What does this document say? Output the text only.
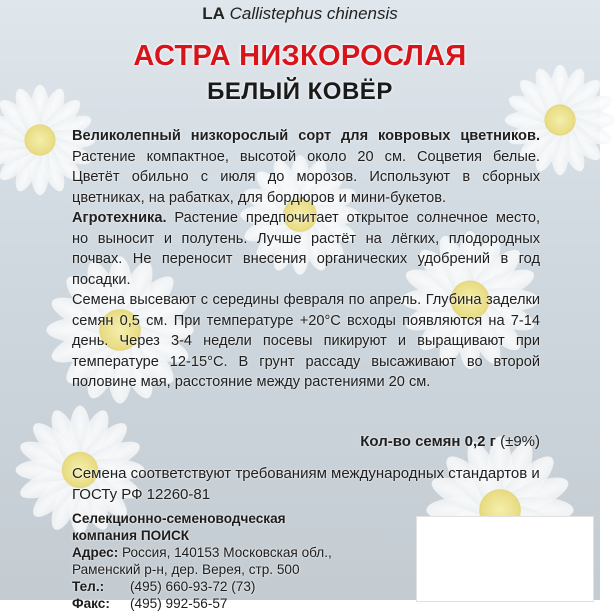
LA Callistephus chinensis
АСТРА НИЗКОРОСЛАЯ
БЕЛЫЙ КОВЁР

Великолепный низкорослый сорт для ковровых цветников. Растение компактное, высотой около 20 см. Соцветия белые. Цветёт обильно с июля до морозов. Используют в сборных цветниках, на рабатках, для бордюров и мини-букетов.

Агротехника. Растение предпочитает открытое солнечное место, но выносит и полутень. Лучше растёт на лёгких, плодородных почвах. Не переносит внесения органических удобрений в год посадки.

Семена высевают с середины февраля по апрель. Глубина заделки семян 0,5 см. При температуре +20°С всходы появляются на 7-14 день. Через 3-4 недели посевы пикируют и выращивают при температуре 12-15°С. В грунт рассаду высаживают во второй половине мая, расстояние между растениями 20 см.

Кол-во семян 0,2 г (±9%)
Семена соответствуют требованиям международных стандартов и ГОСТу РФ 12260-81
Селекционно-семеноводческая
компания ПОИСК
Адрес: Россия, 140153 Московская обл.,
Раменский р-н, дер. Верея, стр. 500
Тел.: (495) 660-93-72 (73)
Факс: (495) 992-56-57
